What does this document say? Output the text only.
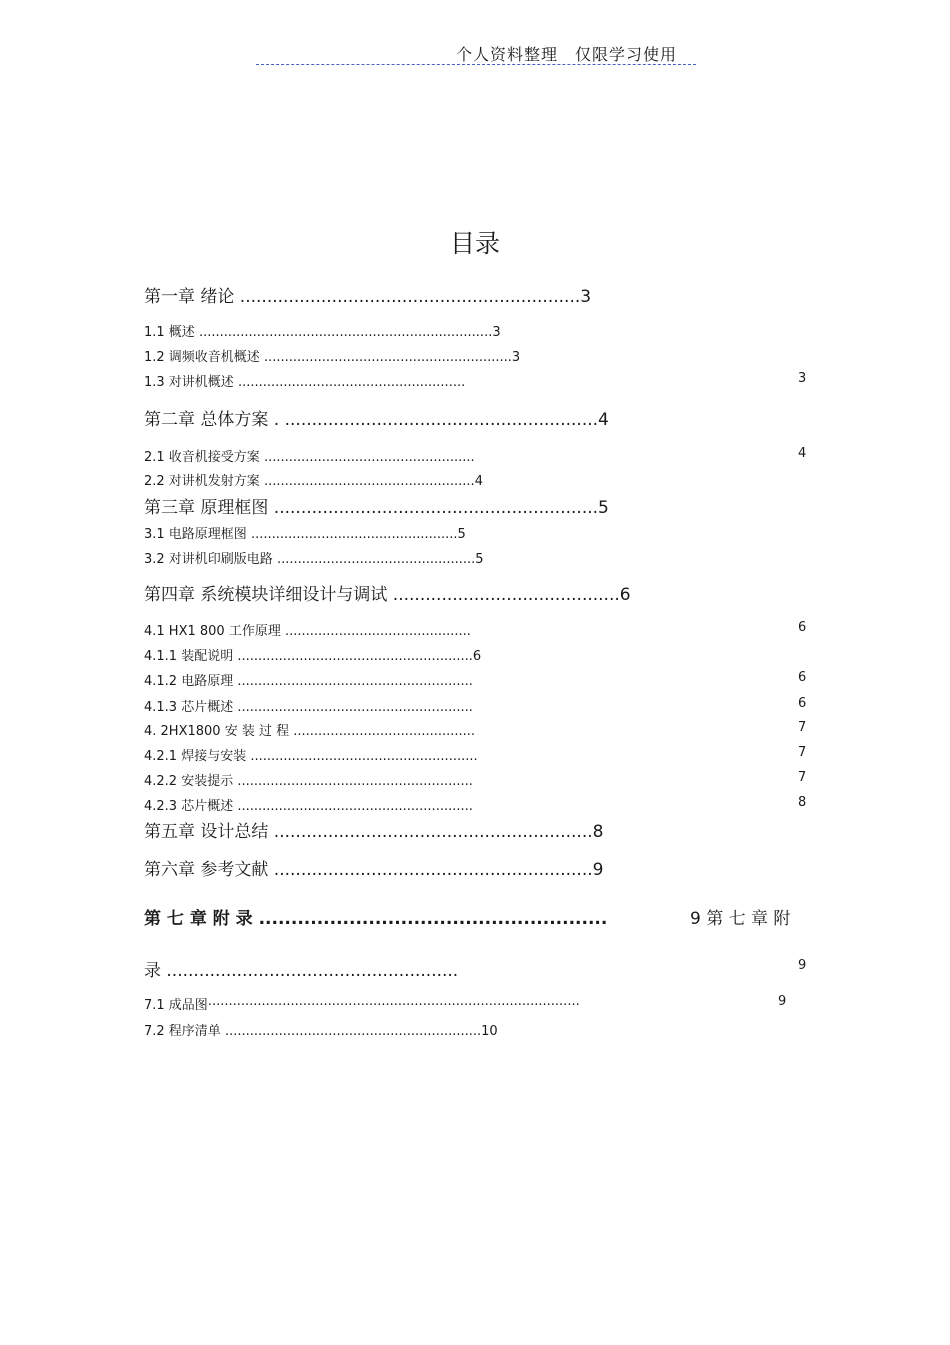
个人资料整理　仅限学习使用
目录
第一章 绪论 ...............................................................3
1.1 概述 .......................................................................3
1.2 调频收音机概述 ............................................................3
1.3 对讲机概述 .......................................................	3
第二章 总体方案 . ..........................................................4
2.1 收音机接受方案 ...................................................	4
2.2 对讲机发射方案 ...................................................4
第三章 原理框图 ............................................................5
3.1 电路原理框图 ..................................................5
3.2 对讲机印刷版电路 ................................................5
第四章 系统模块详细设计与调试 ..........................................6
4.1 HX1 800 工作原理 .............................................	6
4.1.1 装配说明 .........................................................6
4.1.2 电路原理 .........................................................	6
4.1.3 芯片概述 .........................................................	6
4. 2HX1800 安 装 过 程 ............................................	7
4.2.1 焊接与安装 .......................................................	7
4.2.2 安装提示 .........................................................	7
4.2.3 芯片概述 .........................................................	8
第五章 设计总结 ...........................................................8
第六章 参考文献 ...........................................................9
第 七 章 附 录 ......................................................	9 第 七 章 附
录 ......................................................	9
7.1 成品图··························································································	9
7.2 程序清单 ..............................................................10
